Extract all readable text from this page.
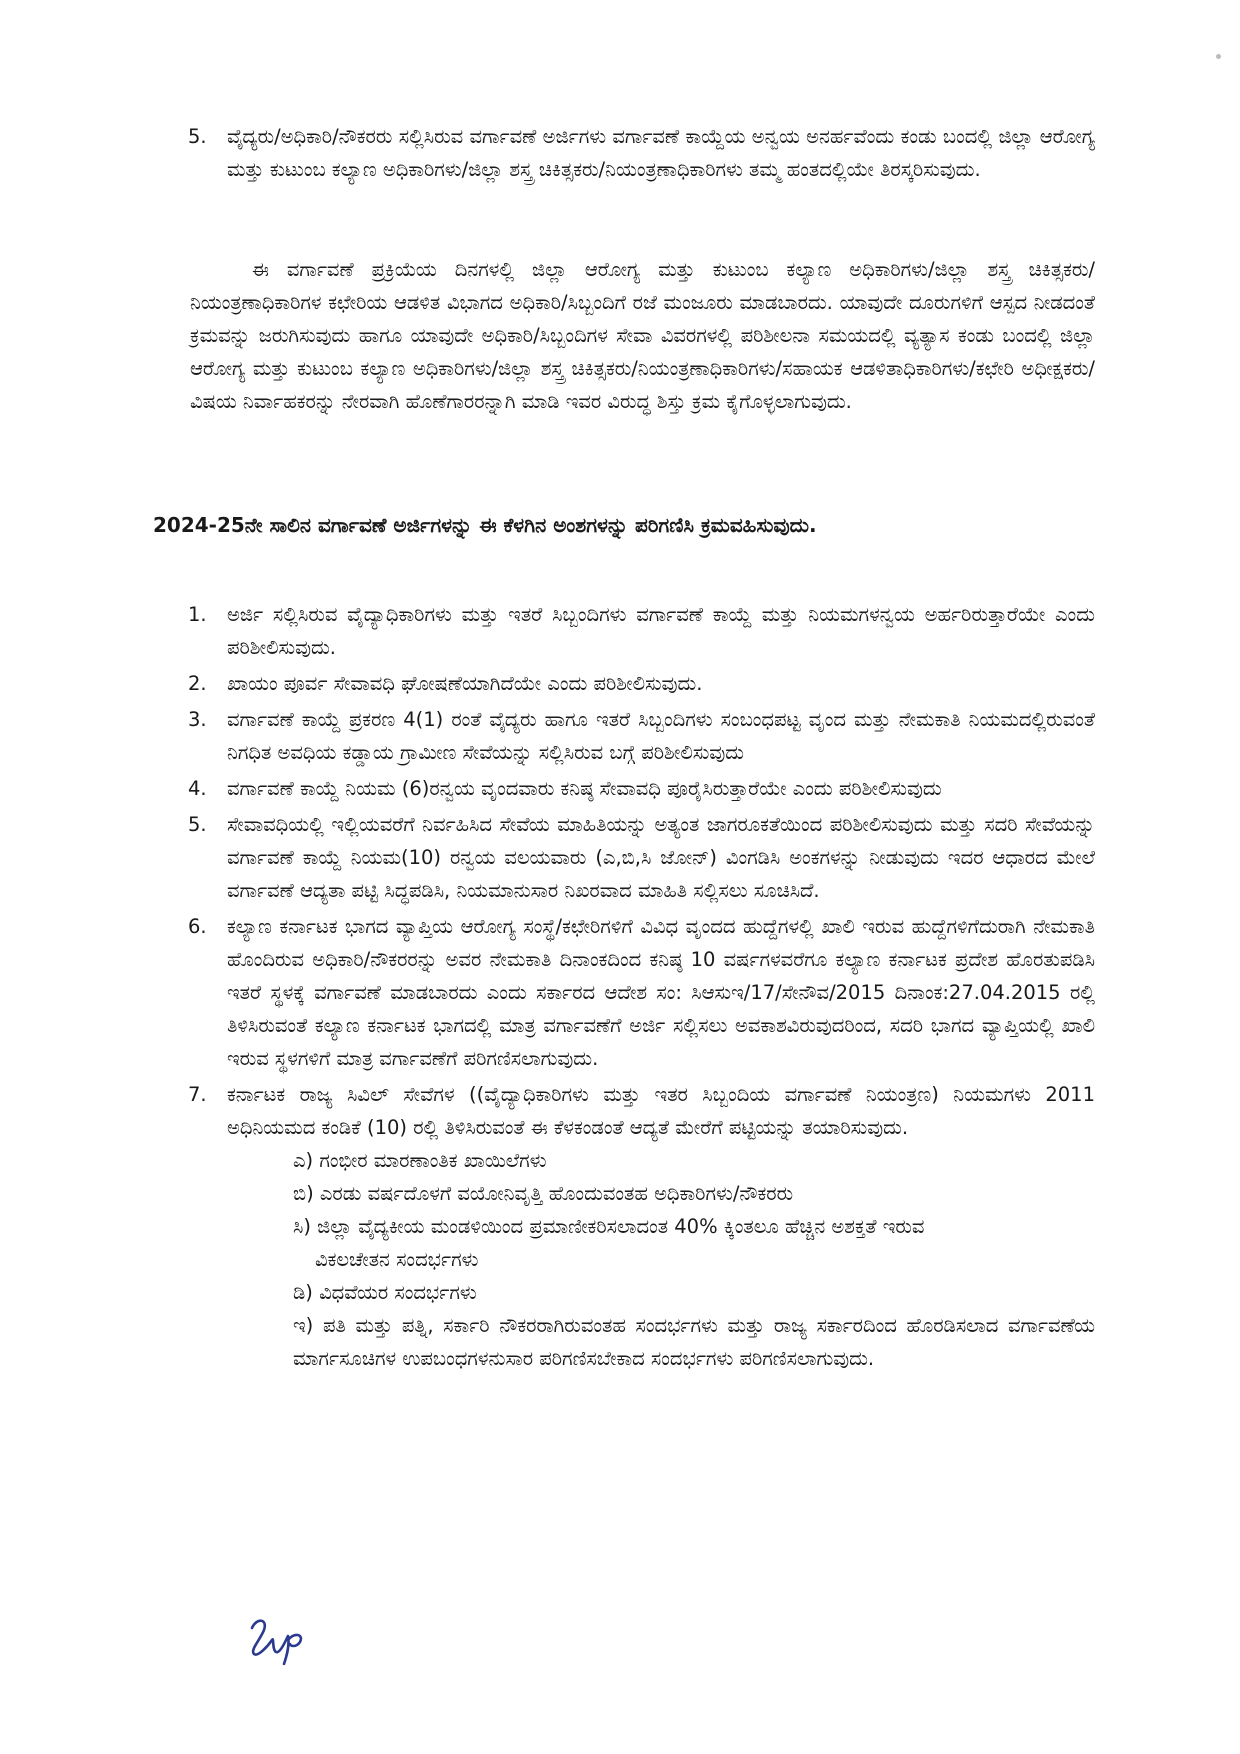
5.	ವೈದ್ಯರು/ಅಧಿಕಾರಿ/ನೌಕರರು ಸಲ್ಲಿಸಿರುವ ವರ್ಗಾವಣೆ ಅರ್ಜಿಗಳು ವರ್ಗಾವಣೆ ಕಾಯ್ದೆಯ ಅನ್ವಯ ಅನರ್ಹವೆಂದು ಕಂಡು ಬಂದಲ್ಲಿ ಜಿಲ್ಲಾ ಆರೋಗ್ಯ ಮತ್ತು ಕುಟುಂಬ ಕಲ್ಯಾಣ ಅಧಿಕಾರಿಗಳು/ಜಿಲ್ಲಾ ಶಸ್ತ್ರ ಚಿಕಿತ್ಸಕರು/ನಿಯಂತ್ರಣಾಧಿಕಾರಿಗಳು ತಮ್ಮ ಹಂತದಲ್ಲಿಯೇ ತಿರಸ್ಕರಿಸುವುದು.
ಈ ವರ್ಗಾವಣೆ ಪ್ರಕ್ರಿಯೆಯ ದಿನಗಳಲ್ಲಿ ಜಿಲ್ಲಾ ಆರೋಗ್ಯ ಮತ್ತು ಕುಟುಂಬ ಕಲ್ಯಾಣ ಅಧಿಕಾರಿಗಳು/ಜಿಲ್ಲಾ ಶಸ್ತ್ರ ಚಿಕಿತ್ಸಕರು/ನಿಯಂತ್ರಣಾಧಿಕಾರಿಗಳ ಕಛೇರಿಯ ಆಡಳಿತ ವಿಭಾಗದ ಅಧಿಕಾರಿ/ಸಿಬ್ಬಂದಿಗೆ ರಜೆ ಮಂಜೂರು ಮಾಡಬಾರದು. ಯಾವುದೇ ದೂರುಗಳಿಗೆ ಆಸ್ಪದ ನೀಡದಂತೆ ಕ್ರಮವನ್ನು ಜರುಗಿಸುವುದು ಹಾಗೂ ಯಾವುದೇ ಅಧಿಕಾರಿ/ಸಿಬ್ಬಂದಿಗಳ ಸೇವಾ ವಿವರಗಳಲ್ಲಿ ಪರಿಶೀಲನಾ ಸಮಯದಲ್ಲಿ ವ್ಯತ್ಯಾಸ ಕಂಡು ಬಂದಲ್ಲಿ ಜಿಲ್ಲಾ ಆರೋಗ್ಯ ಮತ್ತು ಕುಟುಂಬ ಕಲ್ಯಾಣ ಅಧಿಕಾರಿಗಳು/ಜಿಲ್ಲಾ ಶಸ್ತ್ರ ಚಿಕಿತ್ಸಕರು/ನಿಯಂತ್ರಣಾಧಿಕಾರಿಗಳು/ಸಹಾಯಕ ಆಡಳಿತಾಧಿಕಾರಿಗಳು/ಕಛೇರಿ ಅಧೀಕ್ಷಕರು/ವಿಷಯ ನಿರ್ವಾಹಕರನ್ನು ನೇರವಾಗಿ ಹೊಣೆಗಾರರನ್ನಾಗಿ ಮಾಡಿ ಇವರ ವಿರುದ್ಧ ಶಿಸ್ತು ಕ್ರಮ ಕೈಗೊಳ್ಳಲಾಗುವುದು.
2024-25ನೇ ಸಾಲಿನ ವರ್ಗಾವಣೆ ಅರ್ಜಿಗಳನ್ನು ಈ ಕೆಳಗಿನ ಅಂಶಗಳನ್ನು ಪರಿಗಣಿಸಿ ಕ್ರಮವಹಿಸುವುದು.
1. ಅರ್ಜಿ ಸಲ್ಲಿಸಿರುವ ವೈದ್ಯಾಧಿಕಾರಿಗಳು ಮತ್ತು ಇತರೆ ಸಿಬ್ಬಂದಿಗಳು ವರ್ಗಾವಣೆ ಕಾಯ್ದೆ ಮತ್ತು ನಿಯಮಗಳನ್ವಯ ಅರ್ಹರಿರುತ್ತಾರೆಯೇ ಎಂದು ಪರಿಶೀಲಿಸುವುದು.
2. ಖಾಯಂ ಪೂರ್ವ ಸೇವಾವಧಿ ಘೋಷಣೆಯಾಗಿದೆಯೇ ಎಂದು ಪರಿಶೀಲಿಸುವುದು.
3. ವರ್ಗಾವಣೆ ಕಾಯ್ದೆ ಪ್ರಕರಣ 4(1) ರಂತೆ ವೈದ್ಯರು ಹಾಗೂ ಇತರೆ ಸಿಬ್ಬಂದಿಗಳು ಸಂಬಂಧಪಟ್ಟ ವೃಂದ ಮತ್ತು ನೇಮಕಾತಿ ನಿಯಮದಲ್ಲಿರುವಂತೆ ನಿಗಧಿತ ಅವಧಿಯ ಕಡ್ಡಾಯ ಗ್ರಾಮೀಣ ಸೇವೆಯನ್ನು ಸಲ್ಲಿಸಿರುವ ಬಗ್ಗೆ ಪರಿಶೀಲಿಸುವುದು
4. ವರ್ಗಾವಣೆ ಕಾಯ್ದೆ ನಿಯಮ (6)ರನ್ವಯ ವೃಂದವಾರು ಕನಿಷ್ಠ ಸೇವಾವಧಿ ಪೂರೈಸಿರುತ್ತಾರೆಯೇ ಎಂದು ಪರಿಶೀಲಿಸುವುದು
5. ಸೇವಾವಧಿಯಲ್ಲಿ ಇಲ್ಲಿಯವರೆಗೆ ನಿರ್ವಹಿಸಿದ ಸೇವೆಯ ಮಾಹಿತಿಯನ್ನು ಅತ್ಯಂತ ಜಾಗರೂಕತೆಯಿಂದ ಪರಿಶೀಲಿಸುವುದು ಮತ್ತು ಸದರಿ ಸೇವೆಯನ್ನು ವರ್ಗಾವಣೆ ಕಾಯ್ದೆ ನಿಯಮ(10) ರನ್ವಯ ವಲಯವಾರು (ಎ,ಬಿ,ಸಿ ಜೋನ್) ವಿಂಗಡಿಸಿ ಅಂಕಗಳನ್ನು ನೀಡುವುದು ಇದರ ಆಧಾರದ ಮೇಲೆ ವರ್ಗಾವಣೆ ಆದ್ಯತಾ ಪಟ್ಟಿ ಸಿದ್ಧಪಡಿಸಿ, ನಿಯಮಾನುಸಾರ ನಿಖರವಾದ ಮಾಹಿತಿ ಸಲ್ಲಿಸಲು ಸೂಚಿಸಿದೆ.
6. ಕಲ್ಯಾಣ ಕರ್ನಾಟಕ ಭಾಗದ ವ್ಯಾಪ್ತಿಯ ಆರೋಗ್ಯ ಸಂಸ್ಥೆ/ಕಛೇರಿಗಳಿಗೆ ವಿವಿಧ ವೃಂದದ ಹುದ್ದೆಗಳಲ್ಲಿ ಖಾಲಿ ಇರುವ ಹುದ್ದೆಗಳಿಗೆದುರಾಗಿ ನೇಮಕಾತಿ ಹೊಂದಿರುವ ಅಧಿಕಾರಿ/ನೌಕರರನ್ನು ಅವರ ನೇಮಕಾತಿ ದಿನಾಂಕದಿಂದ ಕನಿಷ್ಠ 10 ವರ್ಷಗಳವರೆಗೂ ಕಲ್ಯಾಣ ಕರ್ನಾಟಕ ಪ್ರದೇಶ ಹೊರತುಪಡಿಸಿ ಇತರೆ ಸ್ಥಳಕ್ಕೆ ವರ್ಗಾವಣೆ ಮಾಡಬಾರದು ಎಂದು ಸರ್ಕಾರದ ಆದೇಶ ಸಂ: ಸಿಆಸುಇ/17/ಸೇನೌವ/2015 ದಿನಾಂಕ:27.04.2015 ರಲ್ಲಿ ತಿಳಿಸಿರುವಂತೆ ಕಲ್ಯಾಣ ಕರ್ನಾಟಕ ಭಾಗದಲ್ಲಿ ಮಾತ್ರ ವರ್ಗಾವಣೆಗೆ ಅರ್ಜಿ ಸಲ್ಲಿಸಲು ಅವಕಾಶವಿರುವುದರಿಂದ, ಸದರಿ ಭಾಗದ ವ್ಯಾಪ್ತಿಯಲ್ಲಿ ಖಾಲಿ ಇರುವ ಸ್ಥಳಗಳಿಗೆ ಮಾತ್ರ ವರ್ಗಾವಣೆಗೆ ಪರಿಗಣಿಸಲಾಗುವುದು.
7. ಕರ್ನಾಟಕ ರಾಜ್ಯ ಸಿವಿಲ್ ಸೇವೆಗಳ ((ವೈದ್ಯಾಧಿಕಾರಿಗಳು ಮತ್ತು ಇತರ ಸಿಬ್ಬಂದಿಯ ವರ್ಗಾವಣೆ ನಿಯಂತ್ರಣ) ನಿಯಮಗಳು 2011 ಅಧಿನಿಯಮದ ಕಂಡಿಕೆ (10) ರಲ್ಲಿ ತಿಳಿಸಿರುವಂತೆ ಈ ಕೆಳಕಂಡಂತೆ ಆದ್ಯತೆ ಮೇರೆಗೆ ಪಟ್ಟಿಯನ್ನು ತಯಾರಿಸುವುದು.
ಎ) ಗಂಭೀರ ಮಾರಣಾಂತಿಕ ಖಾಯಿಲೆಗಳು
ಬಿ) ಎರಡು ವರ್ಷದೊಳಗೆ ವಯೋನಿವೃತ್ತಿ ಹೊಂದುವಂತಹ ಅಧಿಕಾರಿಗಳು/ನೌಕರರು
ಸಿ) ಜಿಲ್ಲಾ ವೈದ್ಯಕೀಯ ಮಂಡಳಿಯಿಂದ ಪ್ರಮಾಣೀಕರಿಸಲಾದಂತ 40% ಕ್ಕಿಂತಲೂ ಹೆಚ್ಚಿನ ಅಶಕ್ತತೆ ಇರುವ
ವಿಕಲಚೇತನ ಸಂದರ್ಭಗಳು
ಡಿ) ವಿಧವೆಯರ ಸಂದರ್ಭಗಳು
ಇ) ಪತಿ ಮತ್ತು ಪತ್ನಿ, ಸರ್ಕಾರಿ ನೌಕರರಾಗಿರುವಂತಹ ಸಂದರ್ಭಗಳು ಮತ್ತು ರಾಜ್ಯ ಸರ್ಕಾರದಿಂದ ಹೊರಡಿಸಲಾದ ವರ್ಗಾವಣೆಯ ಮಾರ್ಗಸೂಚಿಗಳ ಉಪಬಂಧಗಳನುಸಾರ ಪರಿಗಣಿಸಬೇಕಾದ ಸಂದರ್ಭಗಳು ಪರಿಗಣಿಸಲಾಗುವುದು.
